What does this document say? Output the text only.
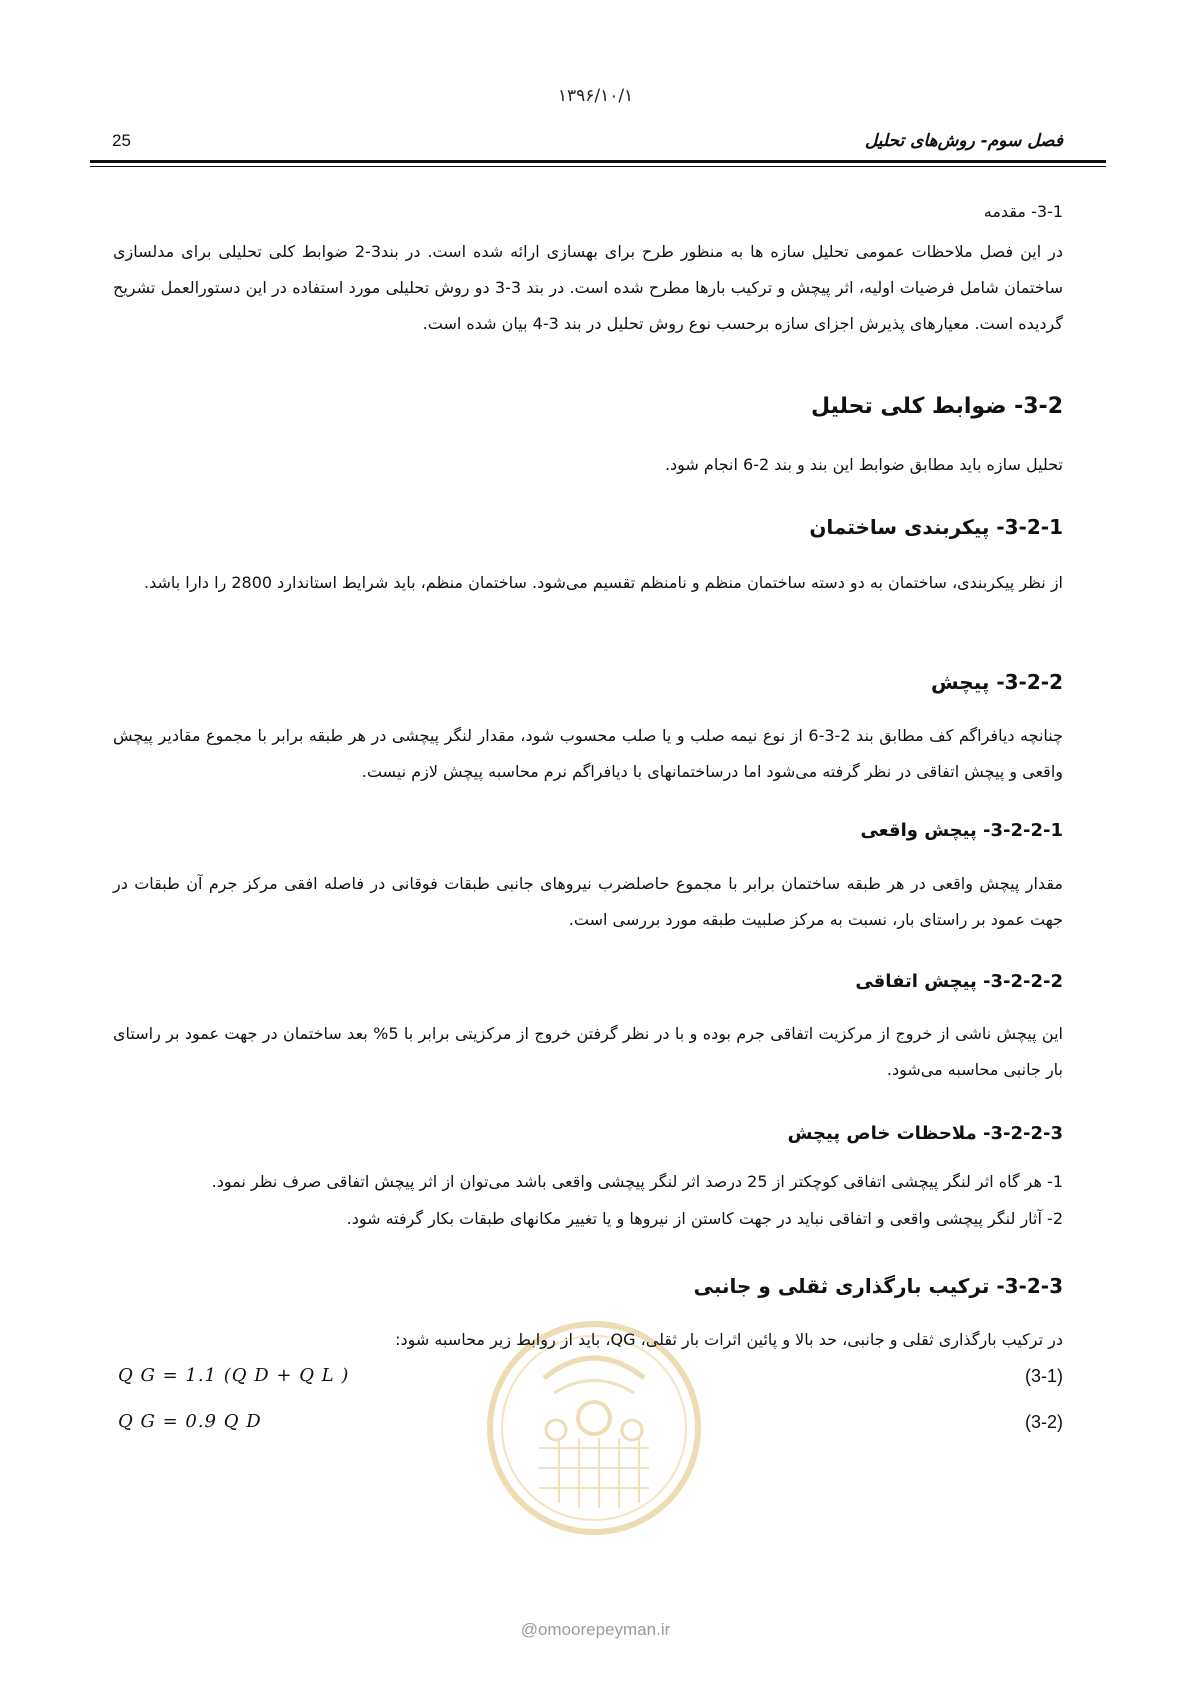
۱۳۹۶/۱۰/۱
25	فصل سوم- روش‌های تحلیل
3-1- مقدمه
در این فصل ملاحظات عمومی تحلیل سازه ها به منظور طرح برای بهسازی ارائه شده است. در بند3-2 ضوابط کلی تحلیلی برای مدلسازی ساختمان شامل فرضیات اولیه، اثر پیچش و ترکیب بارها مطرح شده است. در بند 3-3 دو روش تحلیلی مورد استفاده در این دستورالعمل تشریح گردیده است. معیارهای پذیرش اجزای سازه برحسب نوع روش تحلیل در بند 3-4 بیان شده است.
3-2- ضوابط کلی تحلیل
تحلیل سازه باید مطابق ضوابط این بند و بند 2-6 انجام شود.
3-2-1- پیکربندی ساختمان
از نظر پیکربندی، ساختمان به دو دسته ساختمان منظم و نامنظم تقسیم می‌شود. ساختمان منظم، باید شرایط استاندارد 2800 را دارا باشد.
3-2-2- پیچش
چنانچه دیافراگم کف مطابق بند 2-3-6 از نوع نیمه صلب و یا صلب محسوب شود، مقدار لنگر پیچشی در هر طبقه برابر با مجموع مقادیر پیچش واقعی و پیچش اتفاقی در نظر گرفته می‌شود اما درساختمانهای با دیافراگم نرم محاسبه پیچش لازم نیست.
3-2-2-1- پیچش واقعی
مقدار پیچش واقعی در هر طبقه ساختمان برابر با مجموع حاصلضرب نیروهای جانبی طبقات فوقانی در فاصله افقی مرکز جرم آن طبقات در جهت عمود بر راستای بار، نسبت به مرکز صلبیت طبقه مورد بررسی است.
3-2-2-2- پیچش اتفاقی
این پیچش ناشی از خروج از مرکزیت اتفاقی جرم بوده و با در نظر گرفتن خروج از مرکزیتی برابر با 5% بعد ساختمان در جهت عمود بر راستای بار جانبی محاسبه می‌شود.
3-2-2-3- ملاحظات خاص پیچش
1- هر گاه اثر لنگر پیچشی اتفاقی کوچکتر از 25 درصد اثر لنگر پیچشی واقعی باشد می‌توان از اثر پیچش اتفاقی صرف نظر نمود.
2- آثار لنگر پیچشی واقعی و اتفاقی نباید در جهت کاستن از نیروها و یا تغییر مکانهای طبقات بکار گرفته شود.
3-2-3- ترکیب بارگذاری ثقلی و جانبی
در ترکیب بارگذاری ثقلی و جانبی، حد بالا و پائین اثرات بار ثقلی، QG، باید از روابط زیر محاسبه شود:
Q G = 1.1 (Q D + Q L )	(3-1)
Q G = 0.9 Q D	(3-2)
@omoorepeyman.ir
